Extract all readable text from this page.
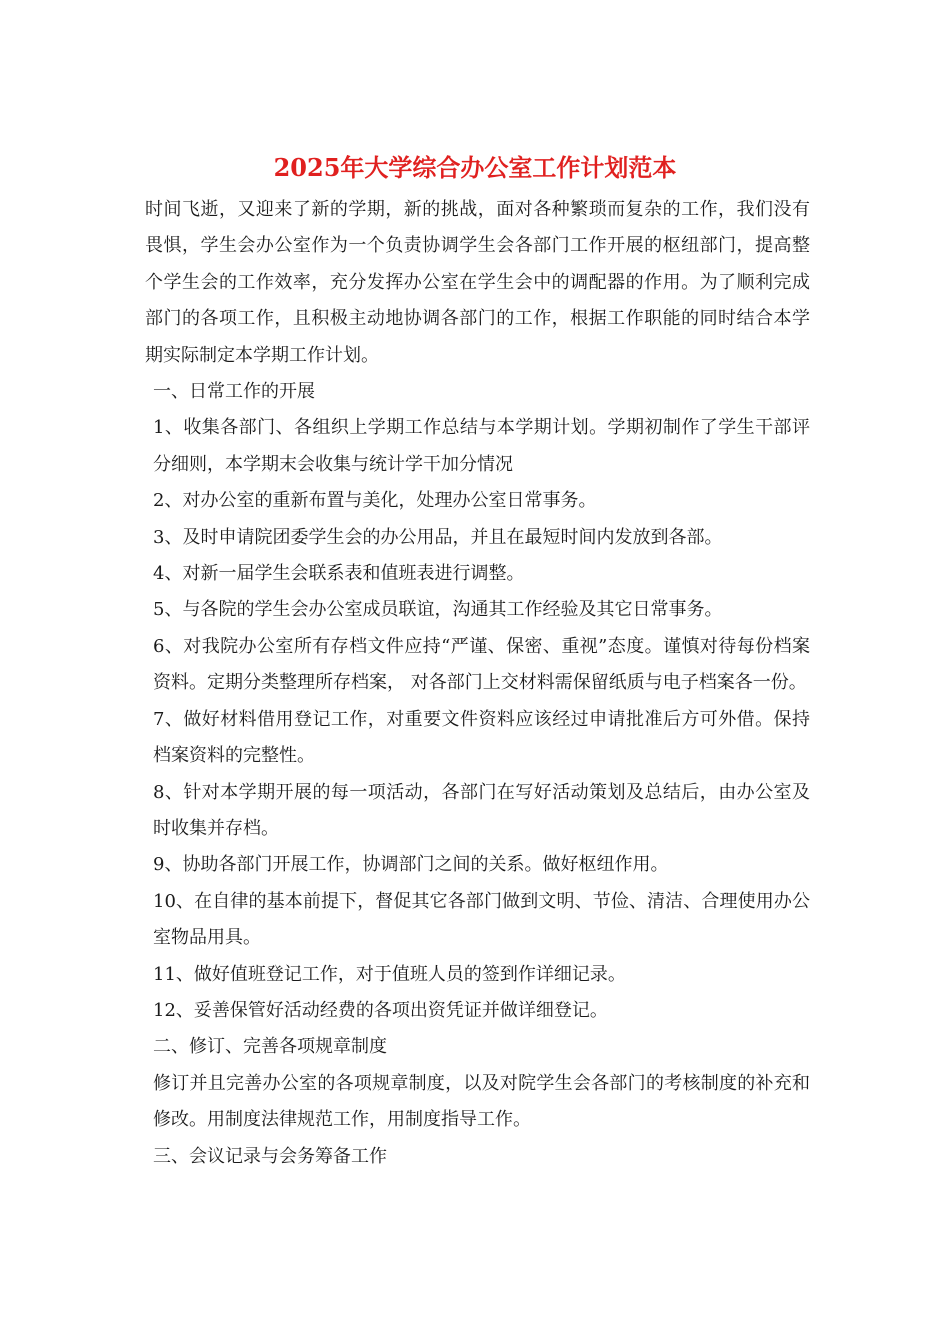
2025年大学综合办公室工作计划范本

时间飞逝，又迎来了新的学期，新的挑战，面对各种繁琐而复杂的工作，我们没有畏惧，学生会办公室作为一个负责协调学生会各部门工作开展的枢纽部门，提高整个学生会的工作效率，充分发挥办公室在学生会中的调配器的作用。为了顺利完成部门的各项工作，且积极主动地协调各部门的工作，根据工作职能的同时结合本学期实际制定本学期工作计划。

一、日常工作的开展

1、收集各部门、各组织上学期工作总结与本学期计划。学期初制作了学生干部评分细则，本学期末会收集与统计学干加分情况

2、对办公室的重新布置与美化，处理办公室日常事务。

3、及时申请院团委学生会的办公用品，并且在最短时间内发放到各部。

4、对新一届学生会联系表和值班表进行调整。

5、与各院的学生会办公室成员联谊，沟通其工作经验及其它日常事务。

6、对我院办公室所有存档文件应持“严谨、保密、重视”态度。谨慎对待每份档案资料。定期分类整理所存档案， 对各部门上交材料需保留纸质与电子档案各一份。

7、做好材料借用登记工作，对重要文件资料应该经过申请批准后方可外借。保持档案资料的完整性。

8、针对本学期开展的每一项活动，各部门在写好活动策划及总结后，由办公室及时收集并存档。

9、协助各部门开展工作，协调部门之间的关系。做好枢纽作用。

10、在自律的基本前提下，督促其它各部门做到文明、节俭、清洁、合理使用办公室物品用具。

11、做好值班登记工作，对于值班人员的签到作详细记录。

12、妥善保管好活动经费的各项出资凭证并做详细登记。

二、修订、完善各项规章制度

修订并且完善办公室的各项规章制度，以及对院学生会各部门的考核制度的补充和修改。用制度法律规范工作，用制度指导工作。

三、会议记录与会务筹备工作
